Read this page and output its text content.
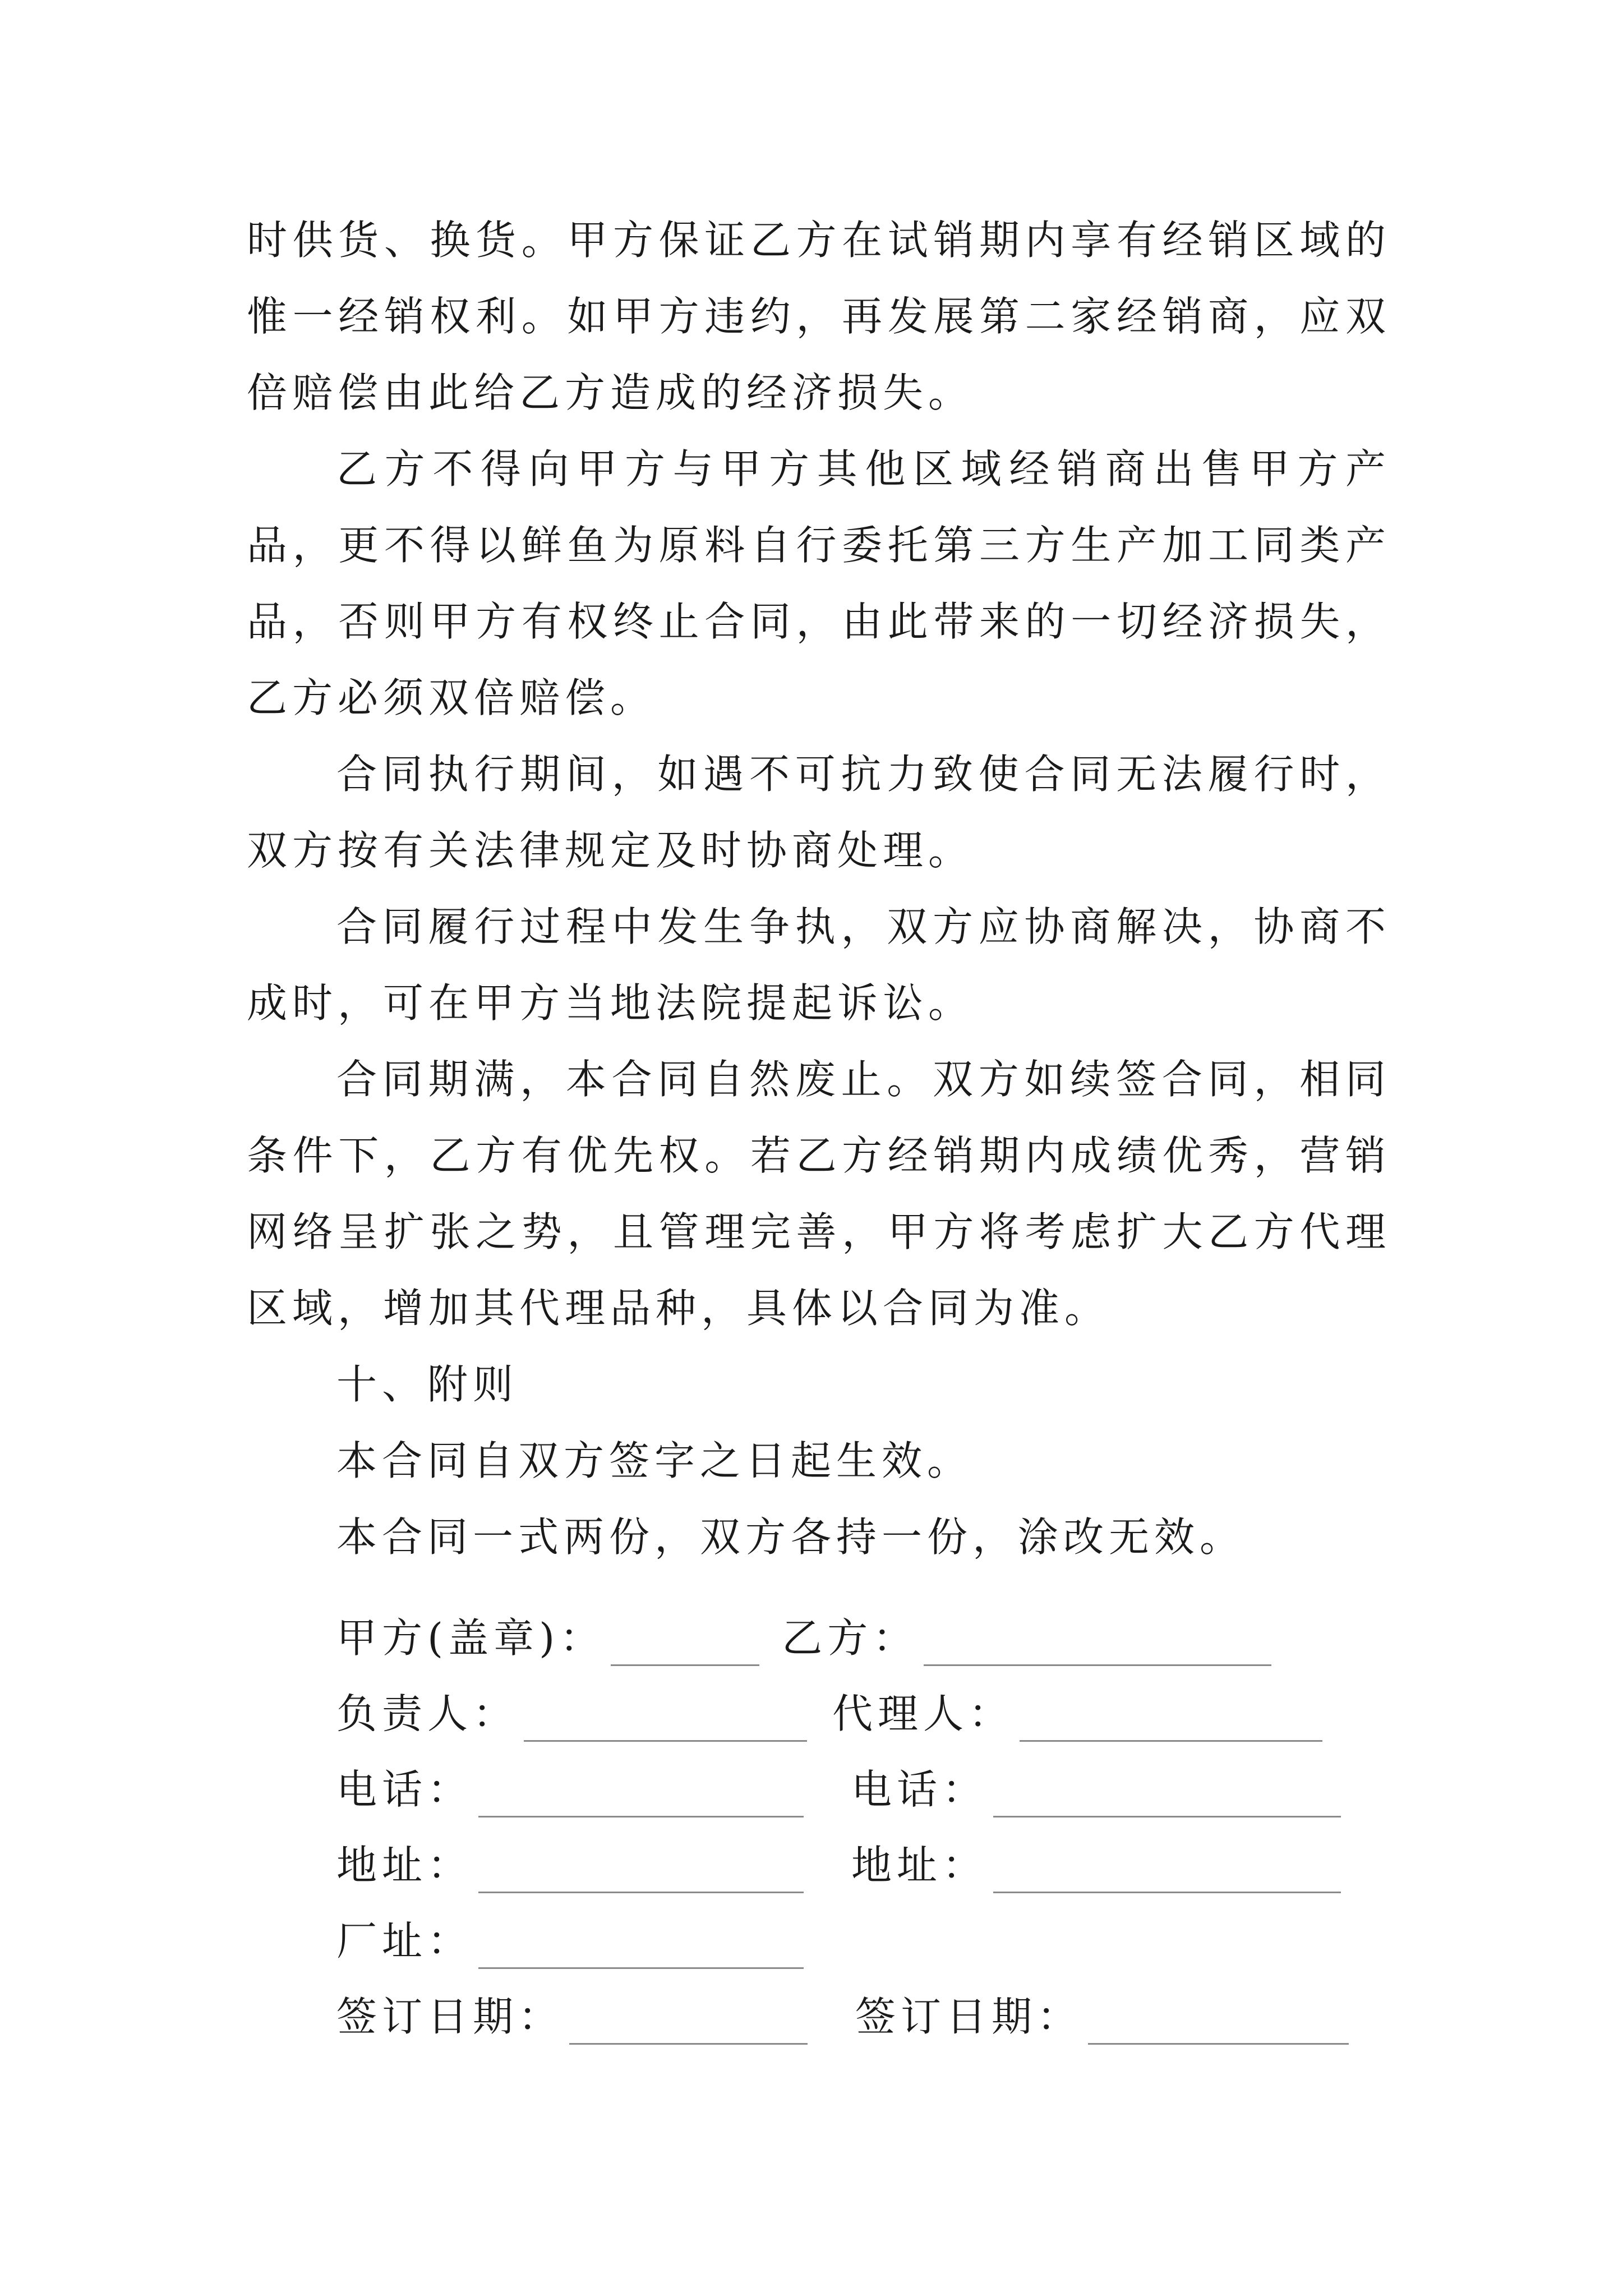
时供货、换货。甲方保证乙方在试销期内享有经销区域的惟一经销权利。如甲方违约，再发展第二家经销商，应双倍赔偿由此给乙方造成的经济损失。

乙方不得向甲方与甲方其他区域经销商出售甲方产品，更不得以鲜鱼为原料自行委托第三方生产加工同类产品，否则甲方有权终止合同，由此带来的一切经济损失，乙方必须双倍赔偿。

合同执行期间，如遇不可抗力致使合同无法履行时，双方按有关法律规定及时协商处理。

合同履行过程中发生争执，双方应协商解决，协商不成时，可在甲方当地法院提起诉讼。

合同期满，本合同自然废止。双方如续签合同，相同条件下，乙方有优先权。若乙方经销期内成绩优秀，营销网络呈扩张之势，且管理完善，甲方将考虑扩大乙方代理区域，增加其代理品种，具体以合同为准。

十、附则

本合同自双方签字之日起生效。

本合同一式两份，双方各持一份，涂改无效。

甲方(盖章)：	乙方：
负责人：	代理人：
电话：	电话：
地址：	地址：
厂址：
签订日期：	签订日期：
